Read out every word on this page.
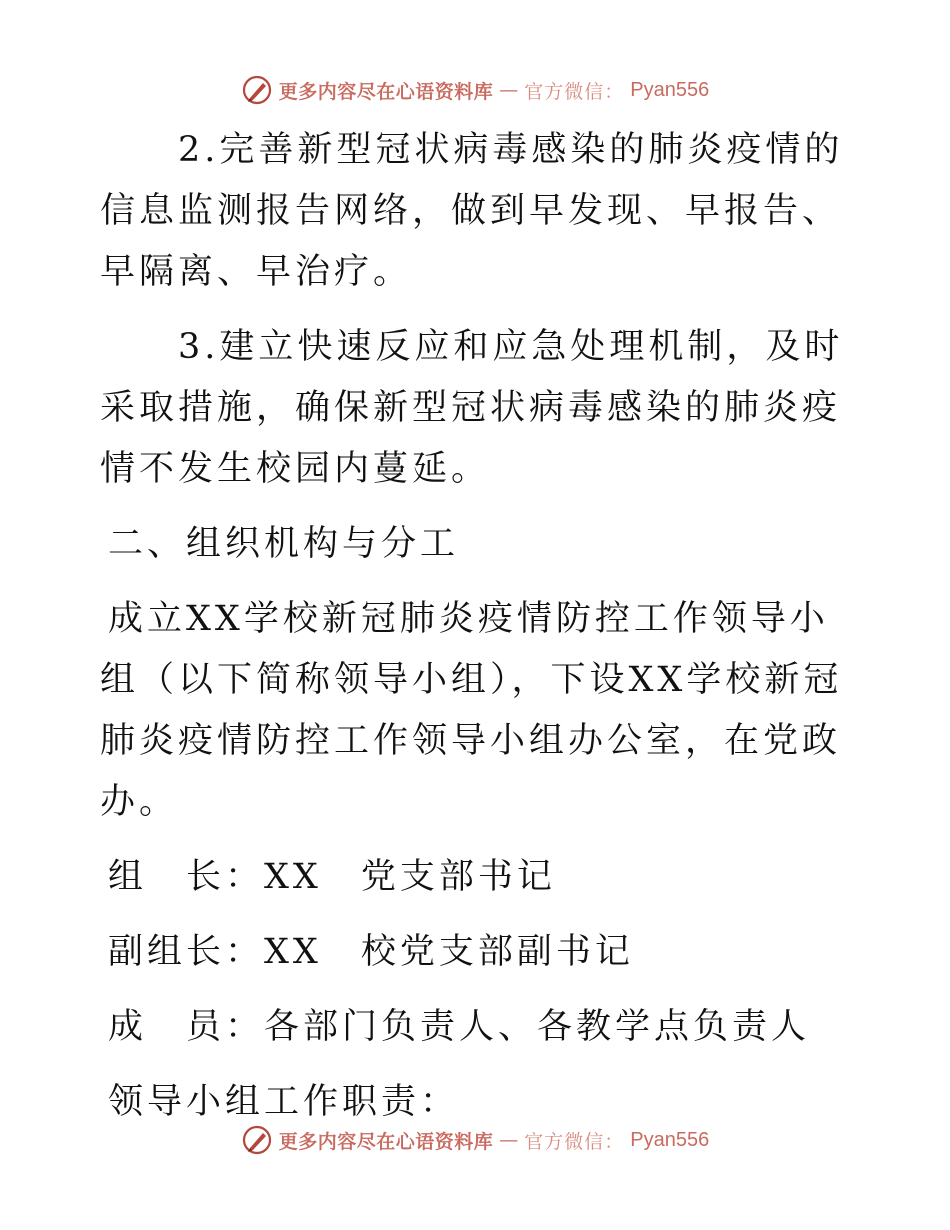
更多内容尽在心语资料库 — 官方微信： Pyan556

2.完善新型冠状病毒感染的肺炎疫情的信息监测报告网络，做到早发现、早报告、早隔离、早治疗。

3.建立快速反应和应急处理机制，及时采取措施，确保新型冠状病毒感染的肺炎疫情不发生校园内蔓延。

二、组织机构与分工

成立XX学校新冠肺炎疫情防控工作领导小组（以下简称领导小组），下设XX学校新冠肺炎疫情防控工作领导小组办公室，在党政办。

组　长： XX　党支部书记
副组长： XX　校党支部副书记
成　员： 各部门负责人、各教学点负责人

领导小组工作职责：

更多内容尽在心语资料库 — 官方微信： Pyan556
